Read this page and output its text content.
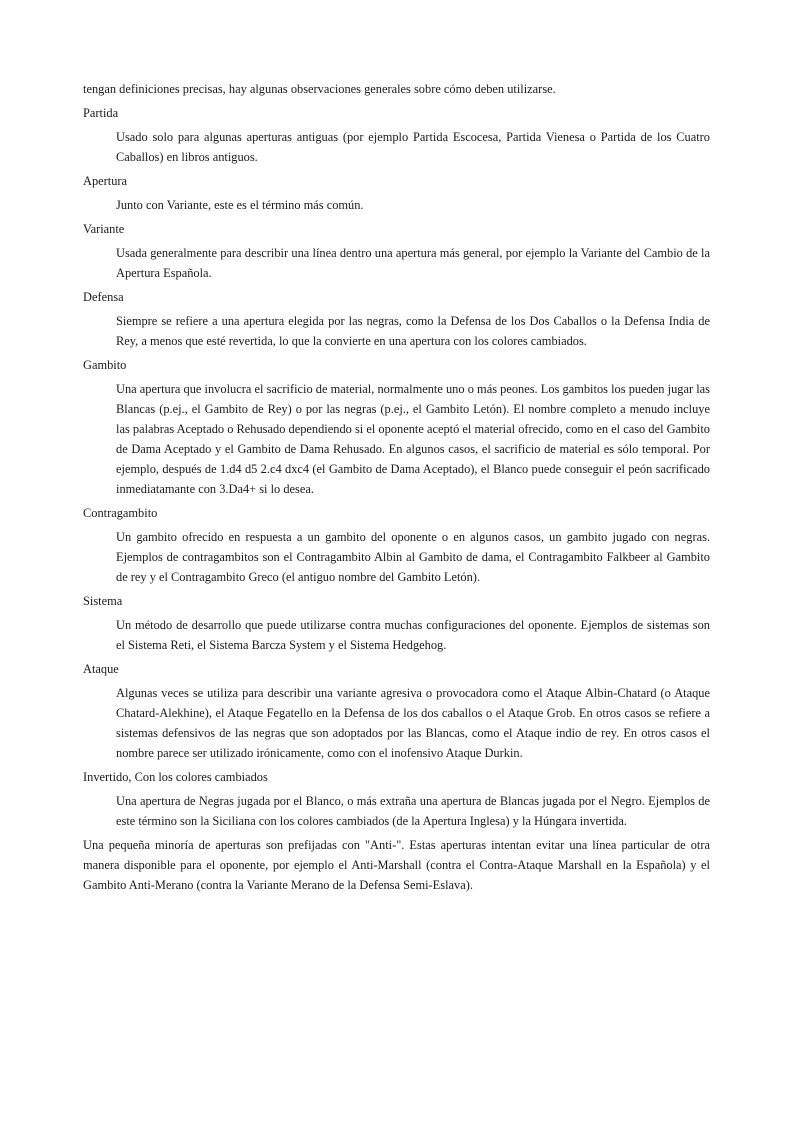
tengan definiciones precisas, hay algunas observaciones generales sobre cómo deben utilizarse.

Partida

Usado solo para algunas aperturas antiguas (por ejemplo Partida Escocesa, Partida Vienesa o Partida de los Cuatro Caballos) en libros antiguos.

Apertura

Junto con Variante, este es el término más común.

Variante

Usada generalmente para describir una línea dentro una apertura más general, por ejemplo la Variante del Cambio de la Apertura Española.

Defensa

Siempre se refiere a una apertura elegida por las negras, como la Defensa de los Dos Caballos o la Defensa India de Rey, a menos que esté revertida, lo que la convierte en una apertura con los colores cambiados.

Gambito

Una apertura que involucra el sacrificio de material, normalmente uno o más peones. Los gambitos los pueden jugar las Blancas (p.ej., el Gambito de Rey) o por las negras (p.ej., el Gambito Letón). El nombre completo a menudo incluye las palabras Aceptado o Rehusado dependiendo si el oponente aceptó el material ofrecido, como en el caso del Gambito de Dama Aceptado y el Gambito de Dama Rehusado. En algunos casos, el sacrificio de material es sólo temporal. Por ejemplo, después de 1.d4 d5 2.c4 dxc4 (el Gambito de Dama Aceptado), el Blanco puede conseguir el peón sacrificado inmediatamante con 3.Da4+ si lo desea.

Contragambito

Un gambito ofrecido en respuesta a un gambito del oponente o en algunos casos, un gambito jugado con negras. Ejemplos de contragambitos son el Contragambito Albin al Gambito de dama, el Contragambito Falkbeer al Gambito de rey y el Contragambito Greco (el antiguo nombre del Gambito Letón).

Sistema

Un método de desarrollo que puede utilizarse contra muchas configuraciones del oponente. Ejemplos de sistemas son el Sistema Reti, el Sistema Barcza System y el Sistema Hedgehog.

Ataque

Algunas veces se utiliza para describir una variante agresiva o provocadora como el Ataque Albin-Chatard (o Ataque Chatard-Alekhine), el Ataque Fegatello en la Defensa de los dos caballos o el Ataque Grob. En otros casos se refiere a sistemas defensivos de las negras que son adoptados por las Blancas, como el Ataque indio de rey. En otros casos el nombre parece ser utilizado irónicamente, como con el inofensivo Ataque Durkin.

Invertido, Con los colores cambiados

Una apertura de Negras jugada por el Blanco, o más extraña una apertura de Blancas jugada por el Negro. Ejemplos de este término son la Siciliana con los colores cambiados (de la Apertura Inglesa) y la Húngara invertida.

Una pequeña minoría de aperturas son prefijadas con "Anti-". Estas aperturas intentan evitar una línea particular de otra manera disponible para el oponente, por ejemplo el Anti-Marshall (contra el Contra-Ataque Marshall en la Española) y el Gambito Anti-Merano (contra la Variante Merano de la Defensa Semi-Eslava).
